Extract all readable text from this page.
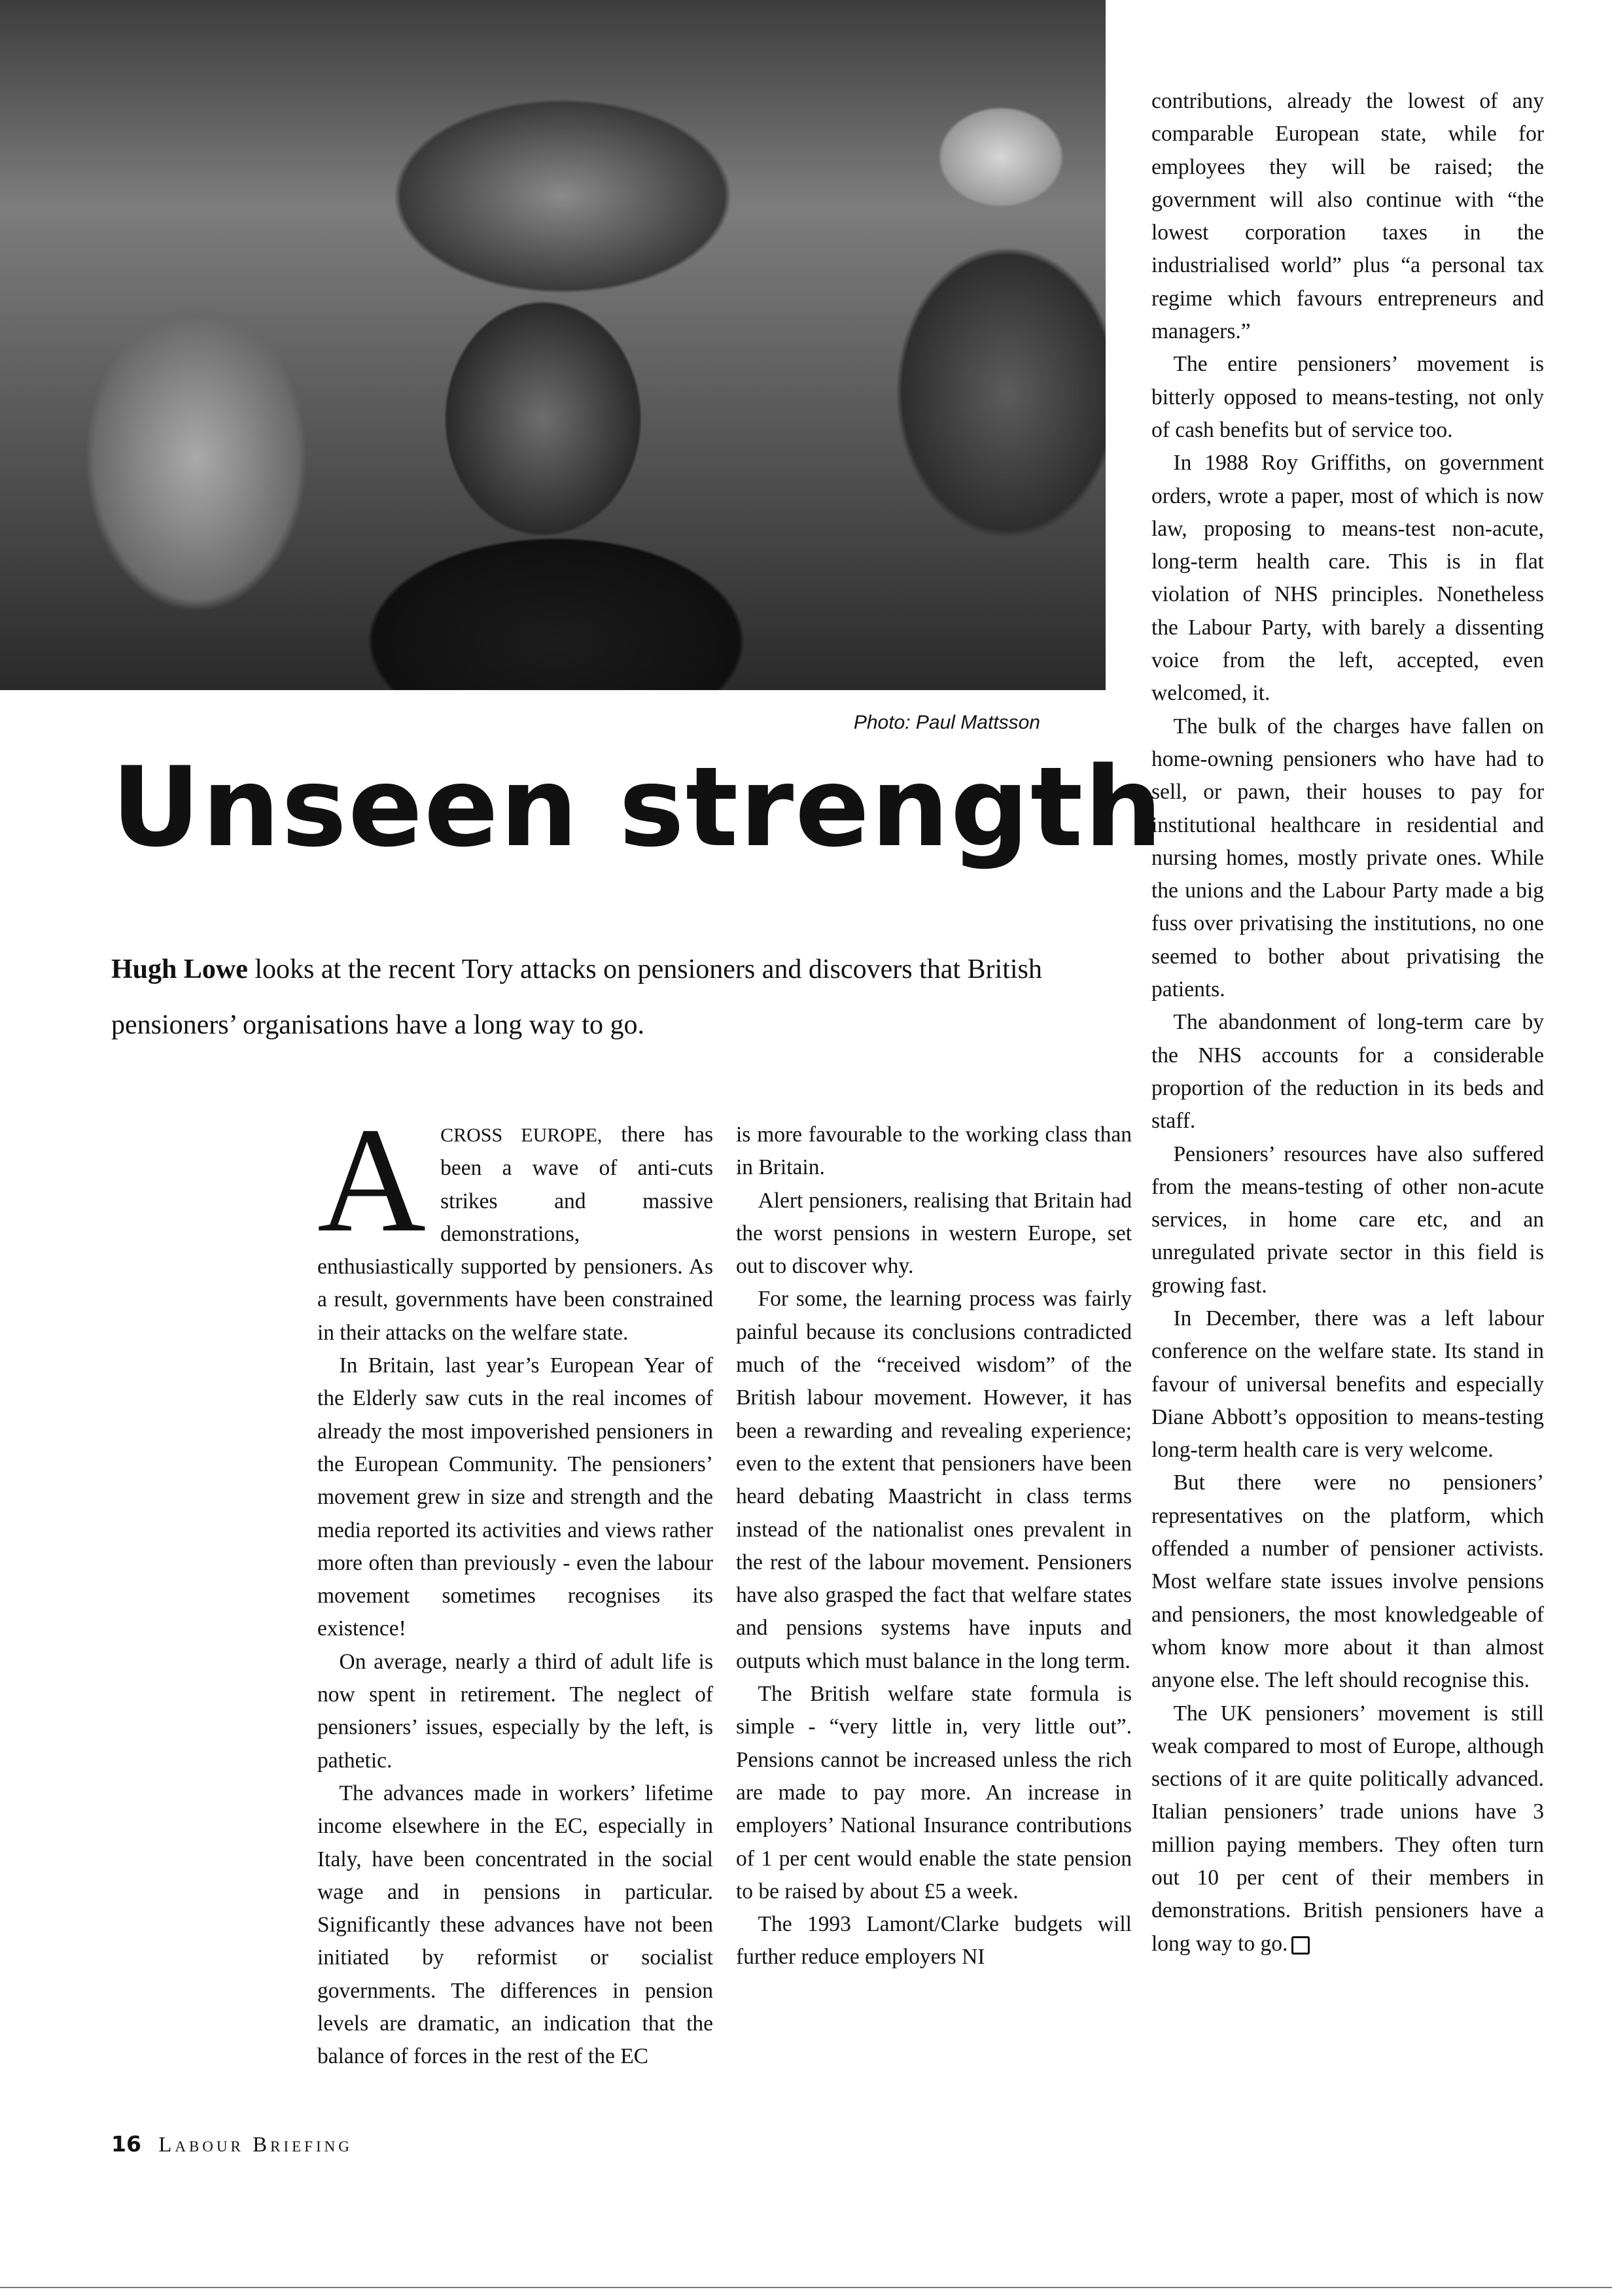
Photo: Paul Mattsson
Unseen strength

Hugh Lowe looks at the recent Tory attacks on pensioners and discovers that British pensioners’ organisations have a long way to go.

ACROSS EUROPE, there has been a wave of anti-cuts strikes and massive demonstrations, enthusiastically supported by pensioners. As a result, governments have been constrained in their attacks on the welfare state.

In Britain, last year’s European Year of the Elderly saw cuts in the real incomes of already the most impoverished pensioners in the European Community. The pensioners’ movement grew in size and strength and the media reported its activities and views rather more often than previously - even the labour movement sometimes recognises its existence!

On average, nearly a third of adult life is now spent in retirement. The neglect of pensioners’ issues, especially by the left, is pathetic.

The advances made in workers’ lifetime income elsewhere in the EC, especially in Italy, have been concentrated in the social wage and in pensions in particular. Significantly these advances have not been initiated by reformist or socialist governments. The differences in pension levels are dramatic, an indication that the balance of forces in the rest of the EC

is more favourable to the working class than in Britain.

Alert pensioners, realising that Britain had the worst pensions in western Europe, set out to discover why.

For some, the learning process was fairly painful because its conclusions contradicted much of the “received wisdom” of the British labour movement. However, it has been a rewarding and revealing experience; even to the extent that pensioners have been heard debating Maastricht in class terms instead of the nationalist ones prevalent in the rest of the labour movement. Pensioners have also grasped the fact that welfare states and pensions systems have inputs and outputs which must balance in the long term.

The British welfare state formula is simple - “very little in, very little out”. Pensions cannot be increased unless the rich are made to pay more. An increase in employers’ National Insurance contributions of 1 per cent would enable the state pension to be raised by about £5 a week.

The 1993 Lamont/Clarke budgets will further reduce employers NI

contributions, already the lowest of any comparable European state, while for employees they will be raised; the government will also continue with “the lowest corporation taxes in the industrialised world” plus “a personal tax regime which favours entrepreneurs and managers.”

The entire pensioners’ movement is bitterly opposed to means-testing, not only of cash benefits but of service too.

In 1988 Roy Griffiths, on government orders, wrote a paper, most of which is now law, proposing to means-test non-acute, long-term health care. This is in flat violation of NHS principles. Nonetheless the Labour Party, with barely a dissenting voice from the left, accepted, even welcomed, it.

The bulk of the charges have fallen on home-owning pensioners who have had to sell, or pawn, their houses to pay for institutional healthcare in residential and nursing homes, mostly private ones. While the unions and the Labour Party made a big fuss over privatising the institutions, no one seemed to bother about privatising the patients.

The abandonment of long-term care by the NHS accounts for a considerable proportion of the reduction in its beds and staff.

Pensioners’ resources have also suffered from the means-testing of other non-acute services, in home care etc, and an unregulated private sector in this field is growing fast.

In December, there was a left labour conference on the welfare state. Its stand in favour of universal benefits and especially Diane Abbott’s opposition to means-testing long-term health care is very welcome.

But there were no pensioners’ representatives on the platform, which offended a number of pensioner activists. Most welfare state issues involve pensions and pensioners, the most knowledgeable of whom know more about it than almost anyone else. The left should recognise this.

The UK pensioners’ movement is still weak compared to most of Europe, although sections of it are quite politically advanced. Italian pensioners’ trade unions have 3 million paying members. They often turn out 10 per cent of their members in demonstrations. British pensioners have a long way to go.

16 Labour Briefing
